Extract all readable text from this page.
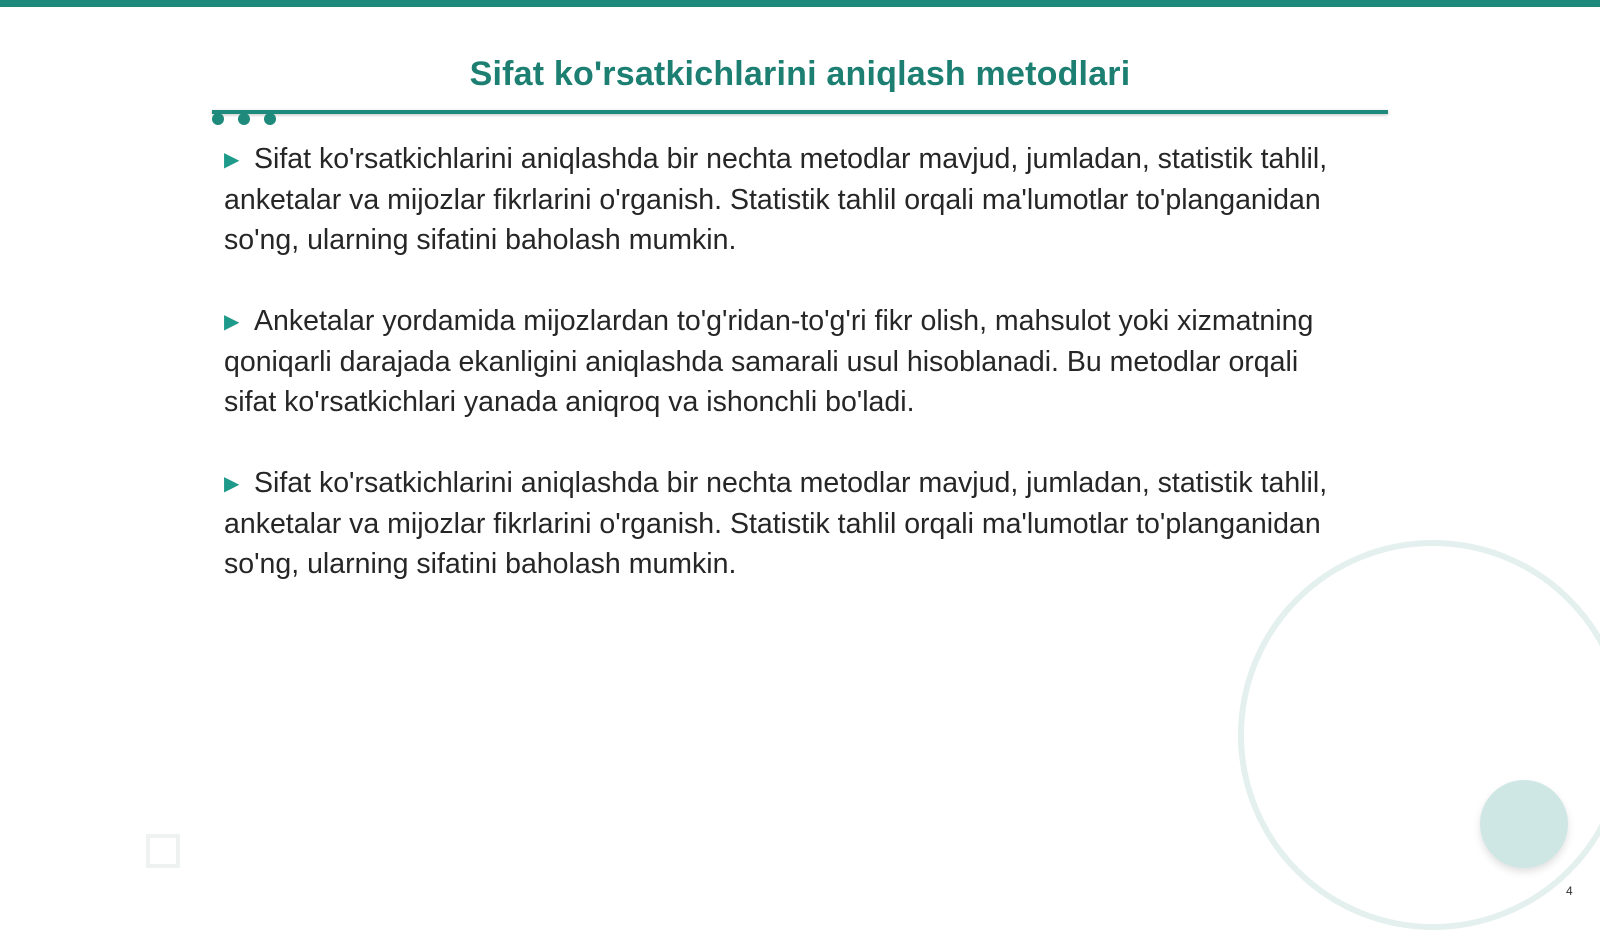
Sifat ko'rsatkichlarini aniqlash metodlari

▶ Sifat ko'rsatkichlarini aniqlashda bir nechta metodlar mavjud, jumladan, statistik tahlil, anketalar va mijozlar fikrlarini o'rganish. Statistik tahlil orqali ma'lumotlar to'planganidan so'ng, ularning sifatini baholash mumkin.

▶ Anketalar yordamida mijozlardan to'g'ridan-to'g'ri fikr olish, mahsulot yoki xizmatning qoniqarli darajada ekanligini aniqlashda samarali usul hisoblanadi. Bu metodlar orqali sifat ko'rsatkichlari yanada aniqroq va ishonchli bo'ladi.

▶ Sifat ko'rsatkichlarini aniqlashda bir nechta metodlar mavjud, jumladan, statistik tahlil, anketalar va mijozlar fikrlarini o'rganish. Statistik tahlil orqali ma'lumotlar to'planganidan so'ng, ularning sifatini baholash mumkin.

4
